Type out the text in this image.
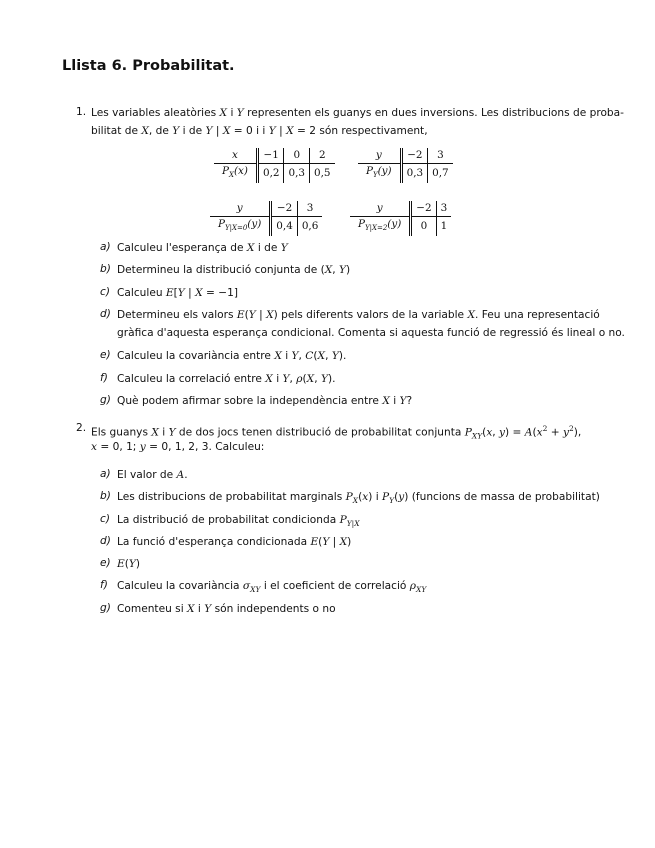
Llista 6. Probabilitat.
1. Les variables aleatòries X i Y representen els guanys en dues inversions. Les distribucions de proba-
bilitat de X, de Y i de Y | X = 0 i i Y | X = 2 són respectivament,
x	−1	0	2
$P_X(x)$	0,2	0,3	0,5
y	−2	3
$P_Y(y)$	0,3	0,7
y	−2	3
$P_{Y|X=0}(y)$	0,4	0,6
y	−2	3
$P_{Y|X=2}(y)$	0	1
a) Calculeu l'esperança de X i de Y
b) Determineu la distribució conjunta de (X, Y)
c) Calculeu E[Y | X = −1]
d) Determineu els valors E(Y | X) pels diferents valors de la variable X. Feu una representació
gràfica d'aquesta esperança condicional. Comenta si aquesta funció de regressió és lineal o no.
e) Calculeu la covariància entre X i Y, C(X, Y).
f) Calculeu la correlació entre X i Y, ρ(X, Y).
g) Què podem afirmar sobre la independència entre X i Y?
2. Els guanys X i Y de dos jocs tenen distribució de probabilitat conjunta $P_{XY}(x$, $y) = A(x^2 + y^2)$,
x = 0, 1; y = 0, 1, 2, 3. Calculeu:
a) El valor de A.
b) Les distribucions de probabilitat marginals $P_X(x)$ i $P_Y(y)$ (funcions de massa de probabilitat)
c) La distribució de probabilitat condicionda $P_{Y|X}$
d) La funció d'esperança condicionada E(Y | X)
e) E(Y)
f) Calculeu la covariància $\sigma_{XY}$ i el coeficient de correlació $\rho_{XY}$
g) Comenteu si X i Y són independents o no
